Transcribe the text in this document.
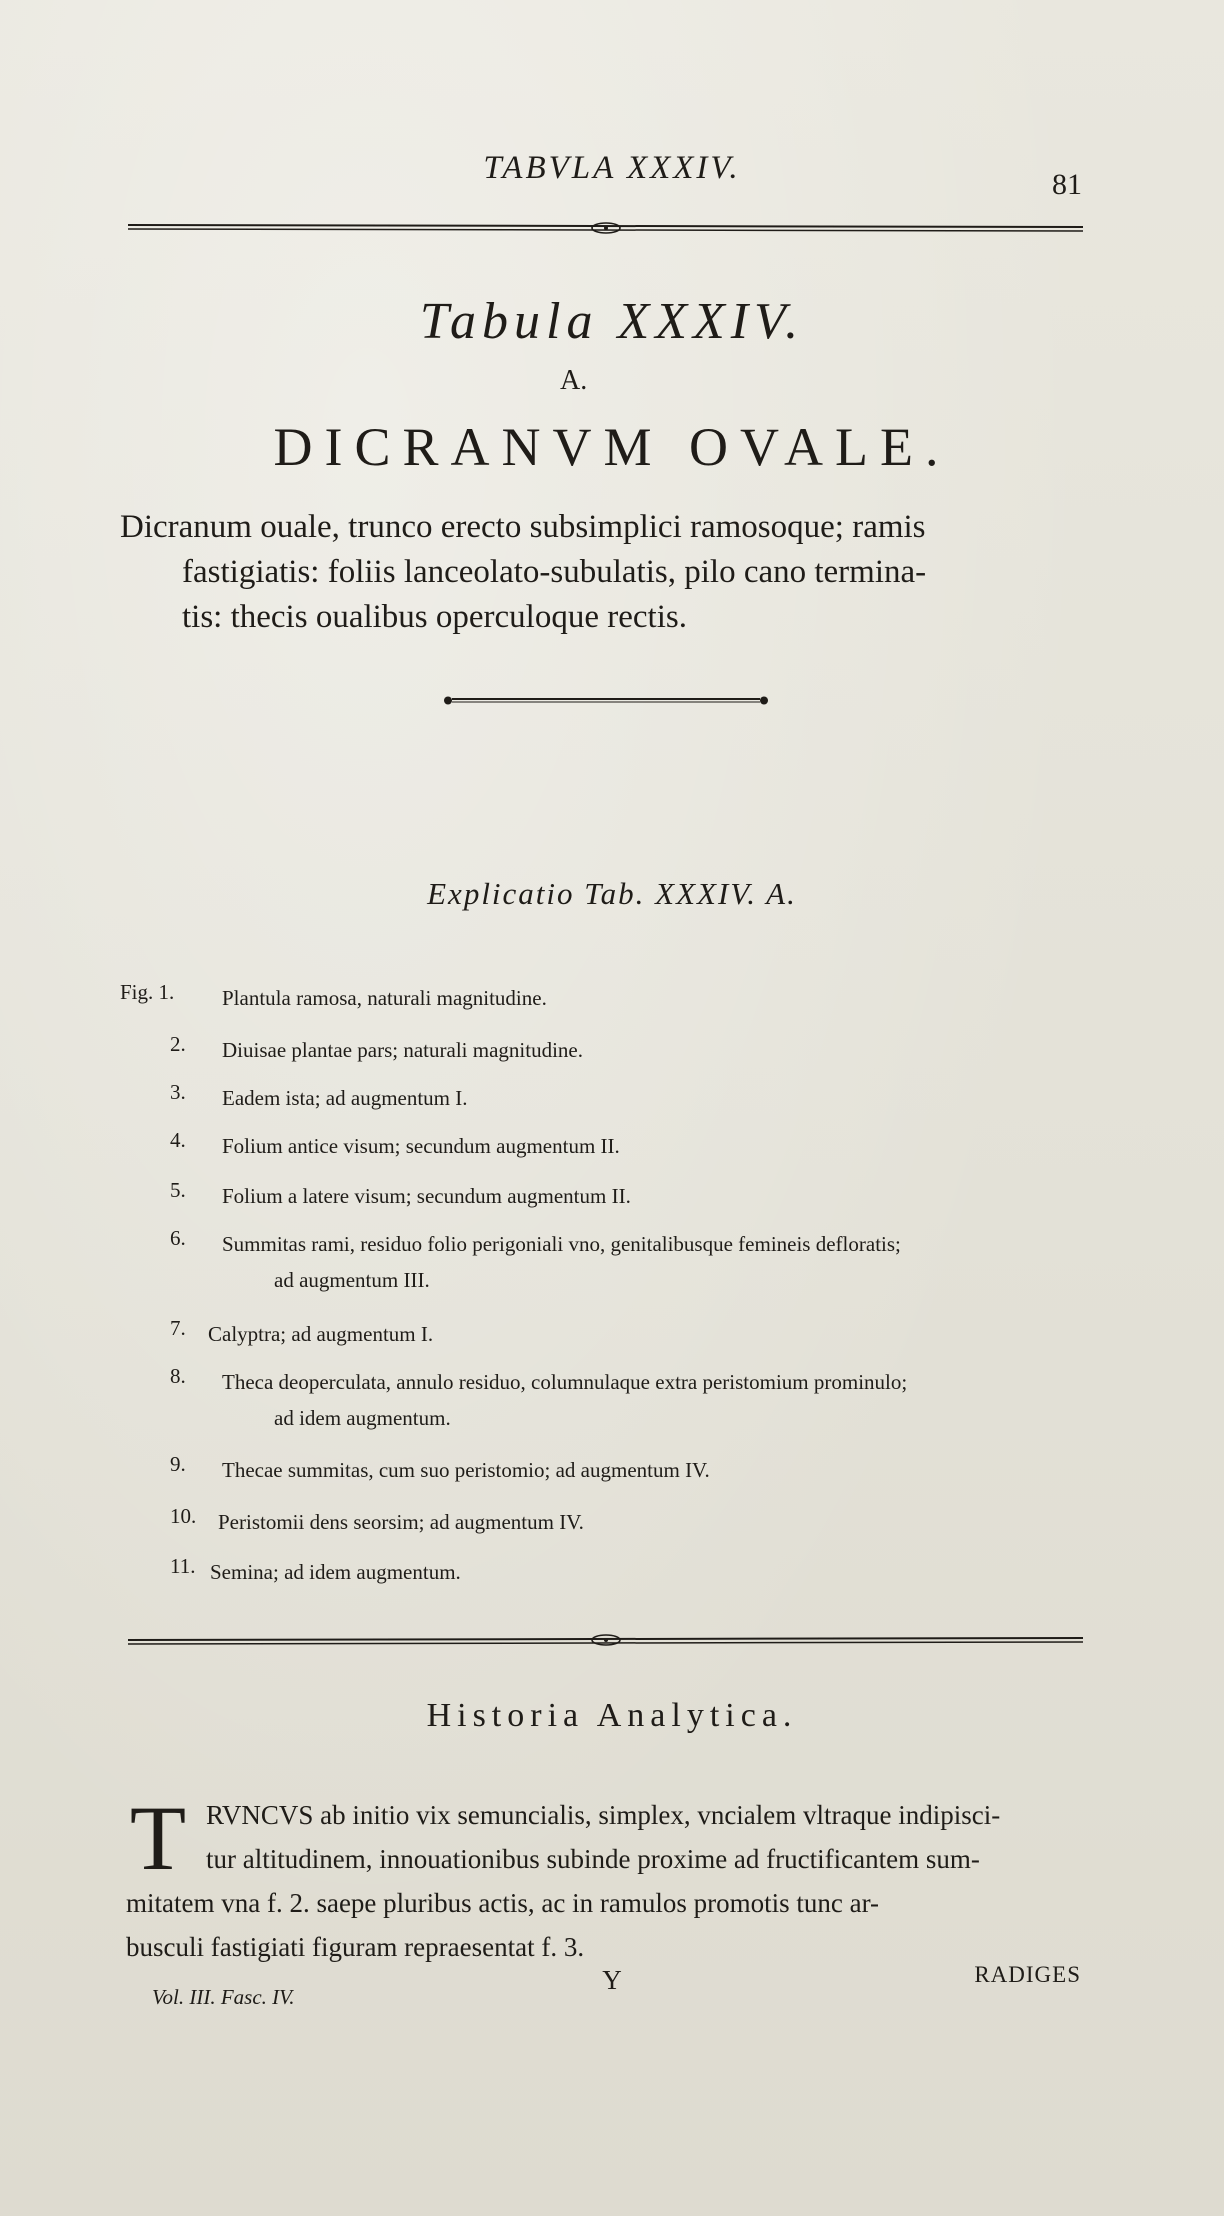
TABVLA XXXIV.	81
Tabula XXXIV.
A.
DICRANVM OVALE.
Dicranum ouale, trunco erecto subsimplici ramosoque; ramis
fastigiatis: foliis lanceolato-subulatis, pilo cano termina-
tis: thecis oualibus operculoque rectis.
Explicatio Tab. XXXIV. A.
Fig. 1.	Plantula ramosa, naturali magnitudine.
2.	Diuisae plantae pars; naturali magnitudine.
3.	Eadem ista; ad augmentum I.
4.	Folium antice visum; secundum augmentum II.
5.	Folium a latere visum; secundum augmentum II.
6.	Summitas rami, residuo folio perigoniali vno, genitalibusque femineis defloratis;
ad augmentum III.
7.	Calyptra; ad augmentum I.
8.	Theca deoperculata, annulo residuo, columnulaque extra peristomium prominulo;
ad idem augmentum.
9.	Thecae summitas, cum suo peristomio; ad augmentum IV.
10.	Peristomii dens seorsim; ad augmentum IV.
11. Semina; ad idem augmentum.
Historia Analytica.
T RVNCVS ab initio vix semuncialis, simplex, vncialem vltraque indipisci-
tur altitudinem, innouationibus subinde proxime ad fructificantem sum-
mitatem vna f. 2. saepe pluribus actis, ac in ramulos promotis tunc ar-
busculi fastigiati figuram repraesentat f. 3.
Vol. III. Fasc. IV.
Y	RADIGES
